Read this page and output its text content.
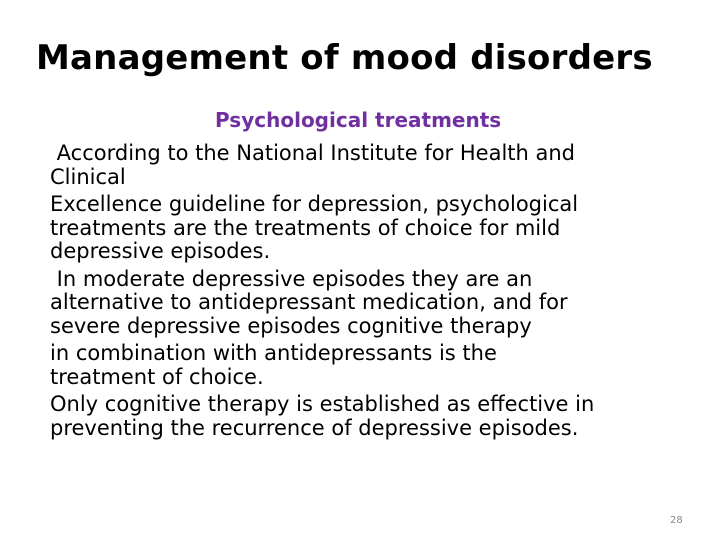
Management of mood disorders
Psychological treatments
According to the National Institute for Health and
Clinical
Excellence guideline for depression, psychological
treatments are the treatments of choice for mild
depressive episodes.
In moderate depressive episodes they are an
alternative to antidepressant medication, and for
severe depressive episodes cognitive therapy
in combination with antidepressants is the
treatment of choice.
Only cognitive therapy is established as effective in
preventing the recurrence of depressive episodes.
28
